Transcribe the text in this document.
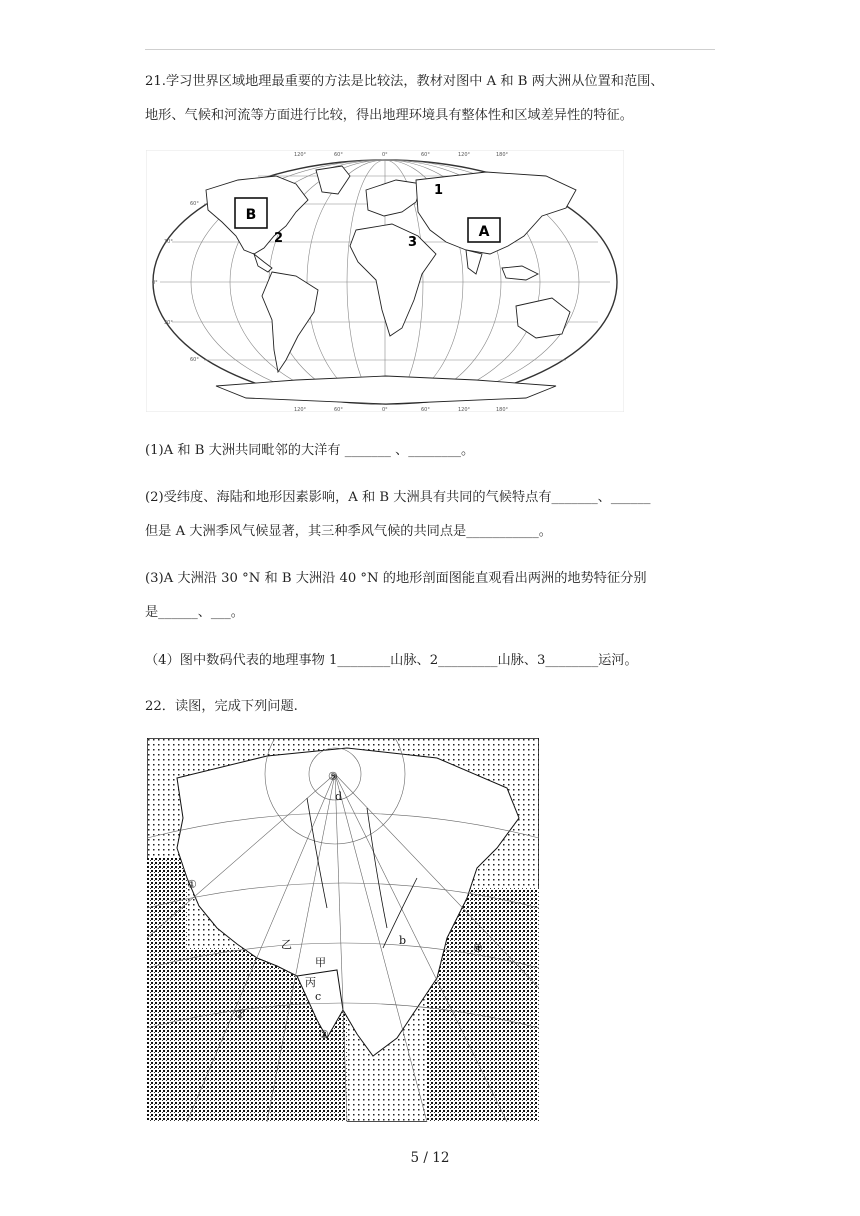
21.学习世界区域地理最重要的方法是比较法，教材对图中 A 和 B 两大洲从位置和范围、
地形、气候和河流等方面进行比较，得出地理环境具有整体性和区域差异性的特征。
B
A
1
2	3
120°	60°	0°	60°	120°	180°
120°	60°	0°	60°	120°	180°
60°
30°
0°
30°
60°
(1)A 和 B 大洲共同毗邻的大洋有 _______ 、________。
(2)受纬度、海陆和地形因素影响，A 和 B 大洲具有共同的气候特点有_______、______
但是 A 大洲季风气候显著，其三种季风气候的共同点是___________。
(3)A 大洲沿 30 °N 和 B 大洲沿 40 °N 的地形剖面图能直观看出两洲的地势特征分别
是______、___。
（4）图中数码代表的地理事物 1________山脉、2_________山脉、3________运河。
22．读图，完成下列问题.
①
②
③
④
⑤
乙
甲
丙
b
c
d
5 / 12
